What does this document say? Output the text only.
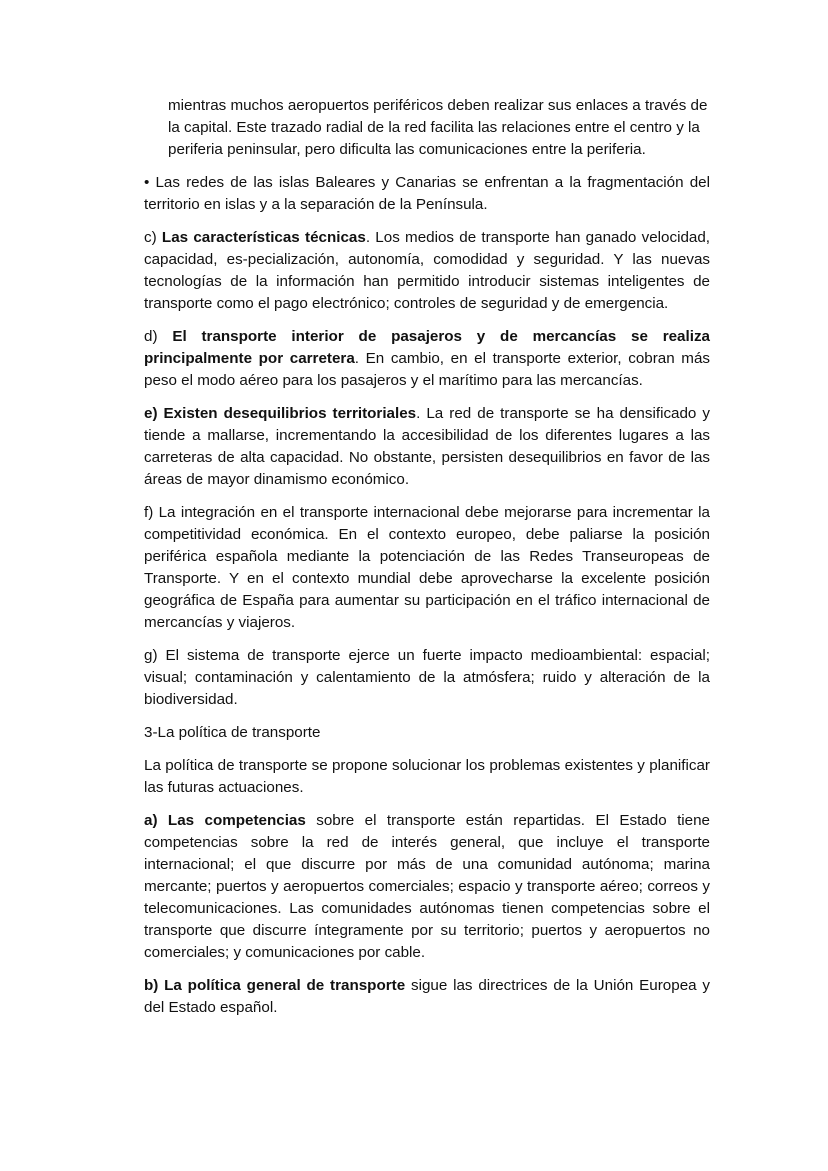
mientras muchos aeropuertos periféricos deben realizar sus enlaces a través de la capital. Este trazado radial de la red facilita las relaciones entre el centro y la periferia peninsular, pero dificulta las comunicaciones entre la periferia.

• Las redes de las islas Baleares y Canarias se enfrentan a la fragmentación del territorio en islas y a la separación de la Península.

c) Las características técnicas. Los medios de transporte han ganado velocidad, capacidad, es-pecialización, autonomía, comodidad y seguridad. Y las nuevas tecnologías de la información han permitido introducir sistemas inteligentes de transporte como el pago electrónico; controles de seguridad y de emergencia.

d) El transporte interior de pasajeros y de mercancías se realiza principalmente por carretera. En cambio, en el transporte exterior, cobran más peso el modo aéreo para los pasajeros y el marítimo para las mercancías.

e) Existen desequilibrios territoriales. La red de transporte se ha densificado y tiende a mallarse, incrementando la accesibilidad de los diferentes lugares a las carreteras de alta capacidad. No obstante, persisten desequilibrios en favor de las áreas de mayor dinamismo económico.

f) La integración en el transporte internacional debe mejorarse para incrementar la competitividad económica. En el contexto europeo, debe paliarse la posición periférica española mediante la potenciación de las Redes Transeuropeas de Transporte. Y en el contexto mundial debe aprovecharse la excelente posición geográfica de España para aumentar su participación en el tráfico internacional de mercancías y viajeros.

g) El sistema de transporte ejerce un fuerte impacto medioambiental: espacial; visual; contaminación y calentamiento de la atmósfera; ruido y alteración de la biodiversidad.

3-La política de transporte

La política de transporte se propone solucionar los problemas existentes y planificar las futuras actuaciones.

a) Las competencias sobre el transporte están repartidas. El Estado tiene competencias sobre la red de interés general, que incluye el transporte internacional; el que discurre por más de una comunidad autónoma; marina mercante; puertos y aeropuertos comerciales; espacio y transporte aéreo; correos y telecomunicaciones. Las comunidades autónomas tienen competencias sobre el transporte que discurre íntegramente por su territorio; puertos y aeropuertos no comerciales; y comunicaciones por cable.

b) La política general de transporte sigue las directrices de la Unión Europea y del Estado español.
